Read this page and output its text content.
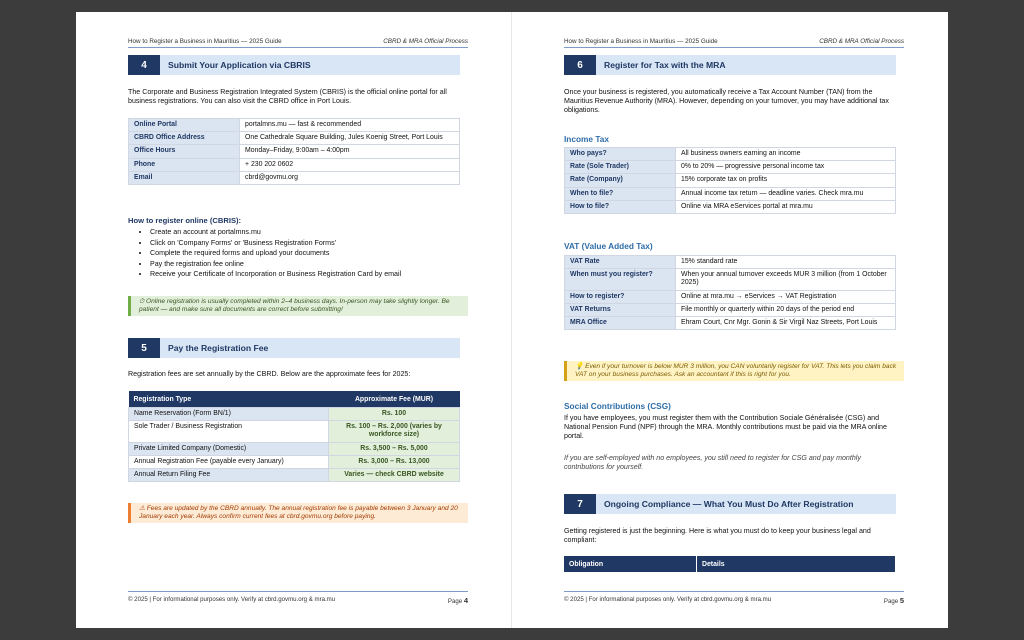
How to Register a Business in Mauritius — 2025 Guide	CBRD & MRA Official Process
4	Submit Your Application via CBRIS
The Corporate and Business Registration Integrated System (CBRIS) is the official online portal for all business registrations. You can also visit the CBRD office in Port Louis.
Online Portal	portalmns.mu — fast & recommended
CBRD Office Address	One Cathedrale Square Building, Jules Koenig Street, Port Louis
Office Hours	Monday–Friday, 9:00am – 4:00pm
Phone	+ 230 202 0602
Email	cbrd@govmu.org
How to register online (CBRIS):
• Create an account at portalmns.mu
• Click on 'Company Forms' or 'Business Registration Forms'
• Complete the required forms and upload your documents
• Pay the registration fee online
• Receive your Certificate of Incorporation or Business Registration Card by email
⏱ Online registration is usually completed within 2–4 business days. In-person may take slightly longer. Be patient — and make sure all documents are correct before submitting!
5	Pay the Registration Fee
Registration fees are set annually by the CBRD. Below are the approximate fees for 2025:
Registration Type	Approximate Fee (MUR)
Name Reservation (Form BN/1)	Rs. 100
Sole Trader / Business Registration	Rs. 100 – Rs. 2,000 (varies by workforce size)
Private Limited Company (Domestic)	Rs. 3,500 – Rs. 5,000
Annual Registration Fee (payable every January)	Rs. 3,000 – Rs. 13,000
Annual Return Filing Fee	Varies — check CBRD website
⚠ Fees are updated by the CBRD annually. The annual registration fee is payable between 3 January and 20 January each year. Always confirm current fees at cbrd.govmu.org before paying.
© 2025 | For informational purposes only. Verify at cbrd.govmu.org & mra.mu	Page 4
How to Register a Business in Mauritius — 2025 Guide	CBRD & MRA Official Process
6	Register for Tax with the MRA
Once your business is registered, you automatically receive a Tax Account Number (TAN) from the Mauritius Revenue Authority (MRA). However, depending on your turnover, you may have additional tax obligations.
Income Tax
Who pays?	All business owners earning an income
Rate (Sole Trader)	0% to 20% — progressive personal income tax
Rate (Company)	15% corporate tax on profits
When to file?	Annual income tax return — deadline varies. Check mra.mu
How to file?	Online via MRA eServices portal at mra.mu
VAT (Value Added Tax)
VAT Rate	15% standard rate
When must you register?	When your annual turnover exceeds MUR 3 million (from 1 October 2025)
How to register?	Online at mra.mu → eServices → VAT Registration
VAT Returns	File monthly or quarterly within 20 days of the period end
MRA Office	Ehram Court, Cnr Mgr. Gonin & Sir Virgil Naz Streets, Port Louis
💡 Even if your turnover is below MUR 3 million, you CAN voluntarily register for VAT. This lets you claim back VAT on your business purchases. Ask an accountant if this is right for you.
Social Contributions (CSG)
If you have employees, you must register them with the Contribution Sociale Généralisée (CSG) and National Pension Fund (NPF) through the MRA. Monthly contributions must be paid via the MRA online portal.
If you are self-employed with no employees, you still need to register for CSG and pay monthly contributions for yourself.
7	Ongoing Compliance — What You Must Do After Registration
Getting registered is just the beginning. Here is what you must do to keep your business legal and compliant:
Obligation	Details
© 2025 | For informational purposes only. Verify at cbrd.govmu.org & mra.mu	Page 5
